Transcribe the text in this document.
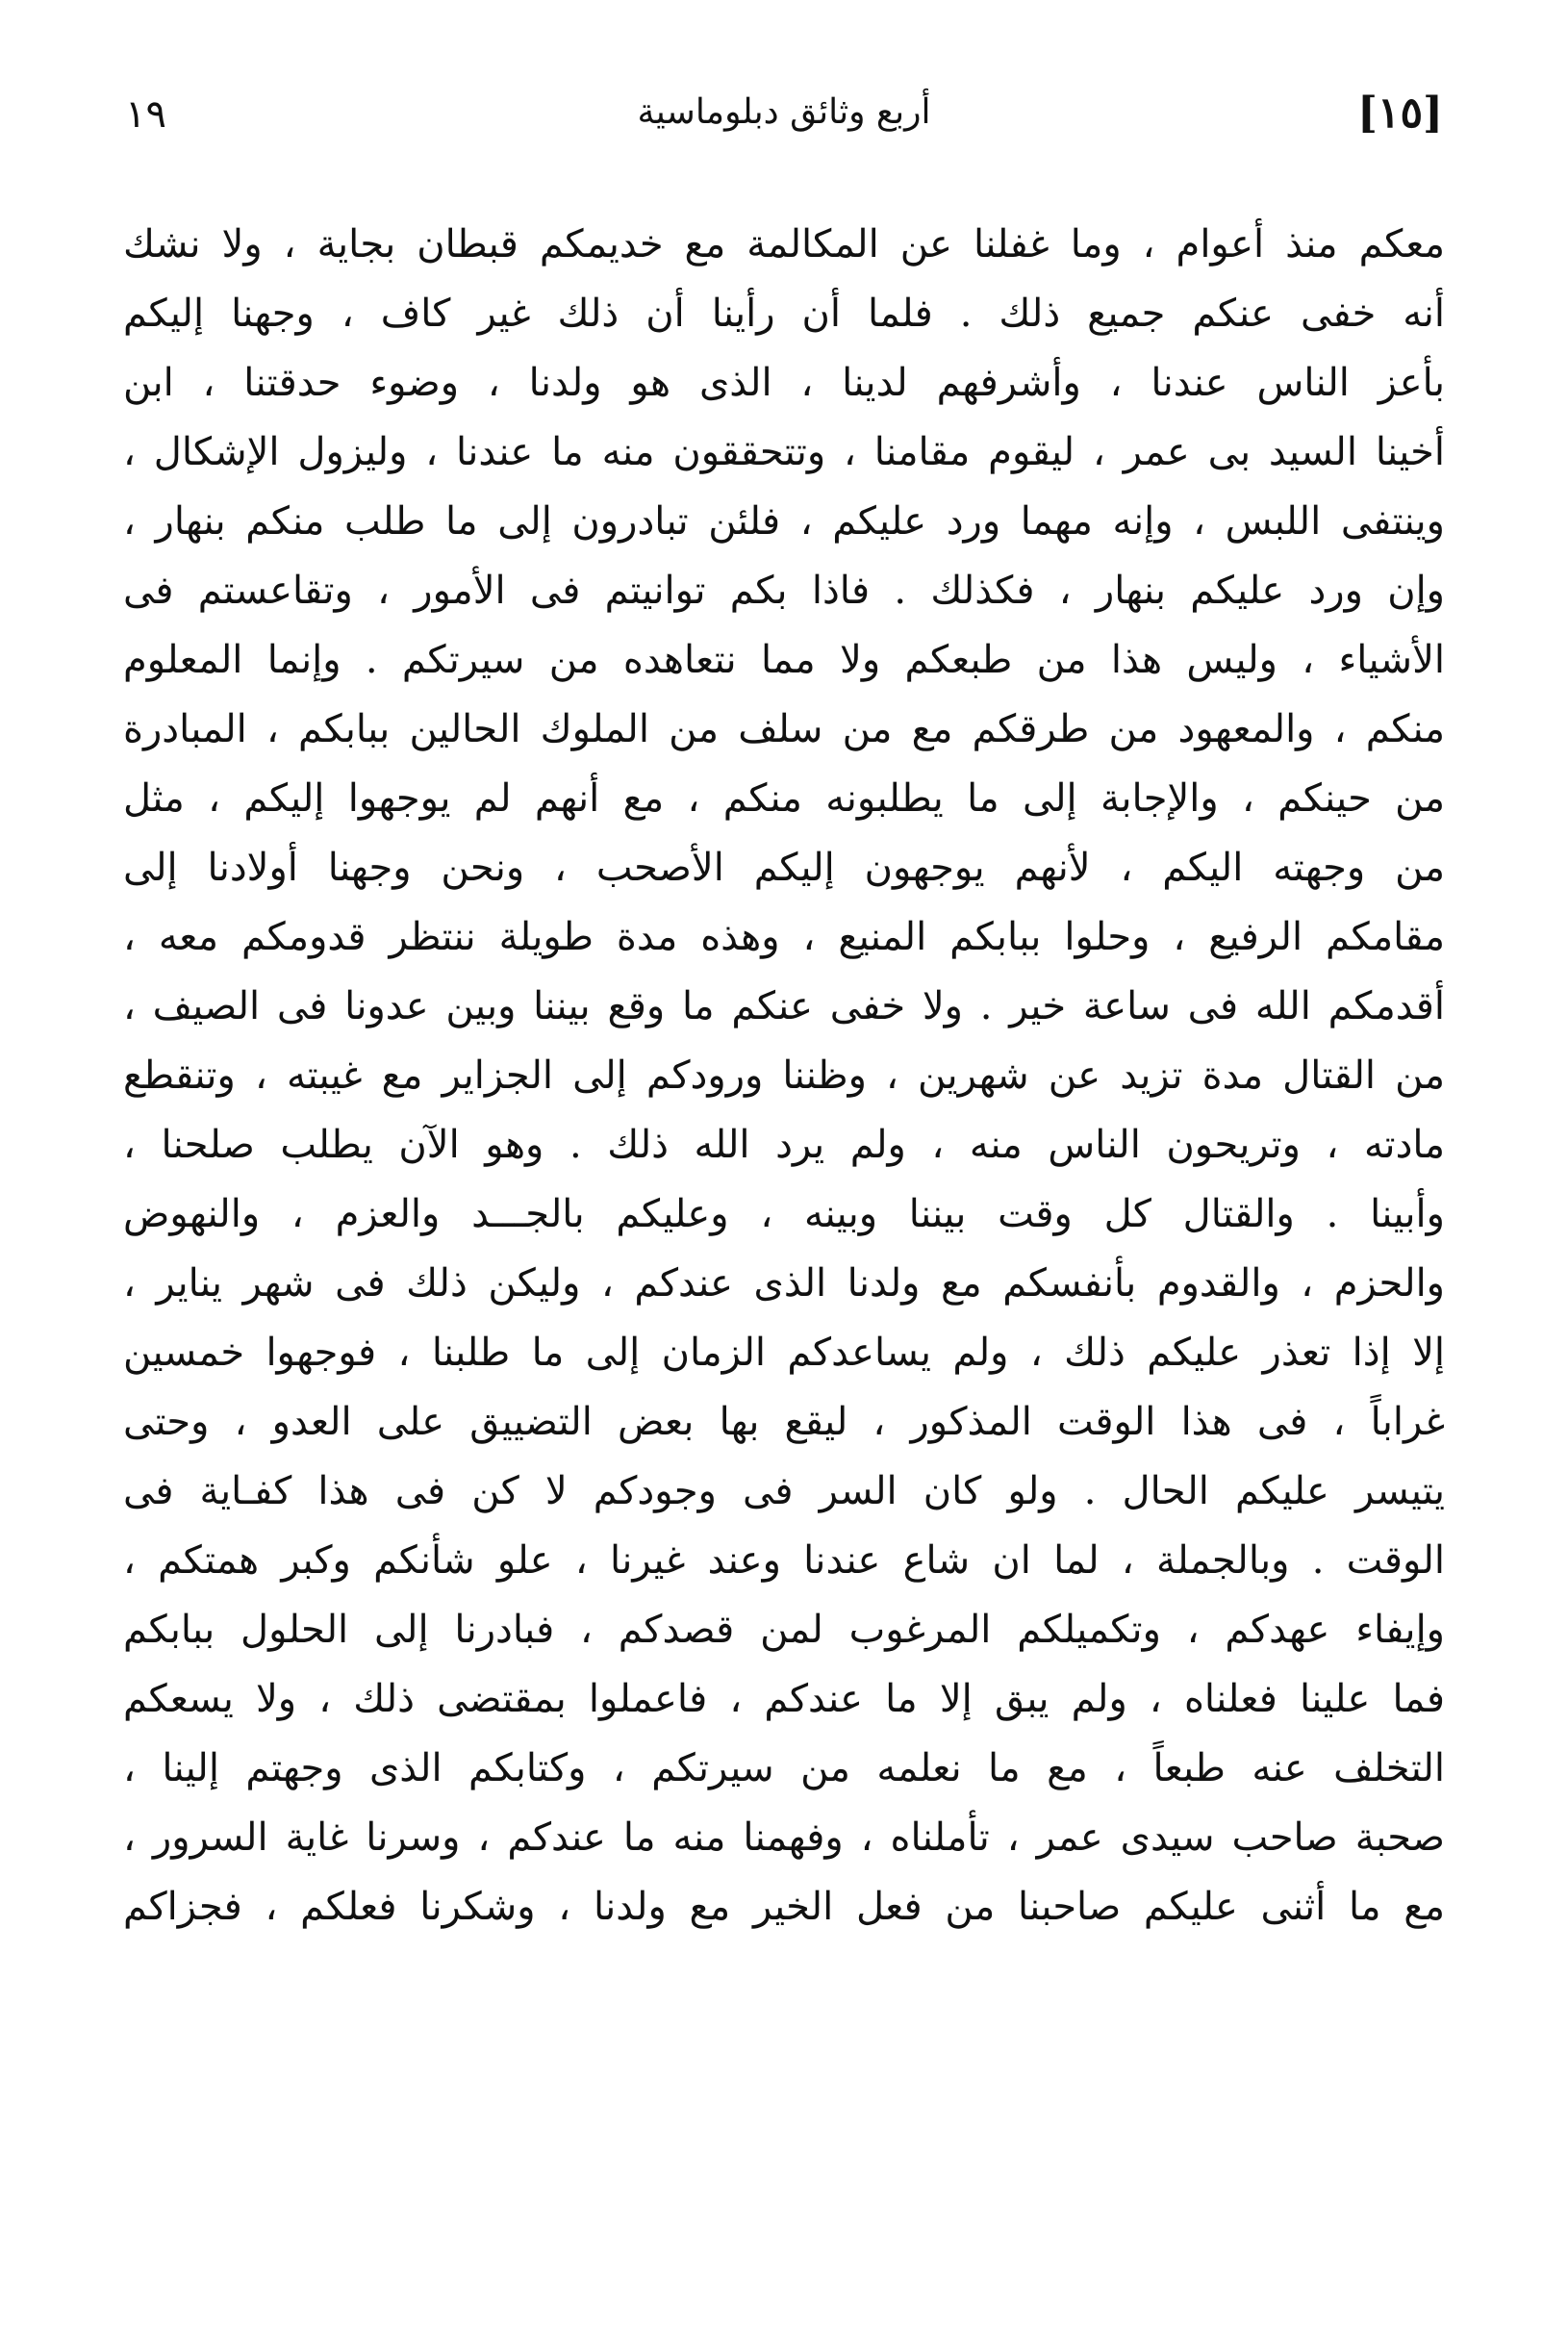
[١٥]
أربع وثائق دبلوماسية
١٩
معكم منذ أعوام ، وما غفلنا عن المكالمة مع خديمكم قبطان بجاية ، ولا نشك
أنه خفى عنكم جميع ذلك . فلما أن رأينا أن ذلك غير كاف ، وجهنا إليكم
بأعز الناس عندنا ، وأشرفهم لدينا ، الذى هو ولدنا ، وضوء حدقتنا ، ابن
أخينا السيد بى عمر ، ليقوم مقامنا ، وتتحققون منه ما عندنا ، وليزول الإشكال ،
وينتفى اللبس ، وإنه مهما ورد عليكم ، فلئن تبادرون إلى ما طلب منكم بنهار ،
وإن ورد عليكم بنهار ، فكذلك . فاذا بكم توانيتم فى الأمور ، وتقاعستم فى
الأشياء ، وليس هذا من طبعكم ولا مما نتعاهده من سيرتكم . وإنما المعلوم
منكم ، والمعهود من طرقكم مع من سلف من الملوك الحالين ببابكم ، المبادرة
من حينكم ، والإجابة إلى ما يطلبونه منكم ، مع أنهم لم يوجهوا إليكم ، مثل
من وجهته اليكم ، لأنهم يوجهون إليكم الأصحب ، ونحن وجهنا أولادنا إلى
مقامكم الرفيع ، وحلوا ببابكم المنيع ، وهذه مدة طويلة ننتظر قدومكم معه ،
أقدمكم الله فى ساعة خير . ولا خفى عنكم ما وقع بيننا وبين عدونا فى الصيف ،
من القتال مدة تزيد عن شهرين ، وظننا ورودكم إلى الجزاير مع غيبته ، وتنقطع
مادته ، وتريحون الناس منه ، ولم يرد الله ذلك . وهو الآن يطلب صلحنا ،
وأبينا . والقتال كل وقت بيننا وبينه ، وعليكم بالجـــد والعزم ، والنهوض
والحزم ، والقدوم بأنفسكم مع ولدنا الذى عندكم ، وليكن ذلك فى شهر يناير ،
إلا إذا تعذر عليكم ذلك ، ولم يساعدكم الزمان إلى ما طلبنا ، فوجهوا خمسين
غراباً ، فى هذا الوقت المذكور ، ليقع بها بعض التضييق على العدو ، وحتى
يتيسر عليكم الحال . ولو كان السر فى وجودكم لا كن فى هذا كفـاية فى
الوقت . وبالجملة ، لما ان شاع عندنا وعند غيرنا ، علو شأنكم وكبر همتكم ،
وإيفاء عهدكم ، وتكميلكم المرغوب لمن قصدكم ، فبادرنا إلى الحلول ببابكم
فما علينا فعلناه ، ولم يبق إلا ما عندكم ، فاعملوا بمقتضى ذلك ، ولا يسعكم
التخلف عنه طبعاً ، مع ما نعلمه من سيرتكم ، وكتابكم الذى وجهتم إلينا ،
صحبة صاحب سيدى عمر ، تأملناه ، وفهمنا منه ما عندكم ، وسرنا غاية السرور ،
مع ما أثنى عليكم صاحبنا من فعل الخير مع ولدنا ، وشكرنا فعلكم ، فجزاكم
